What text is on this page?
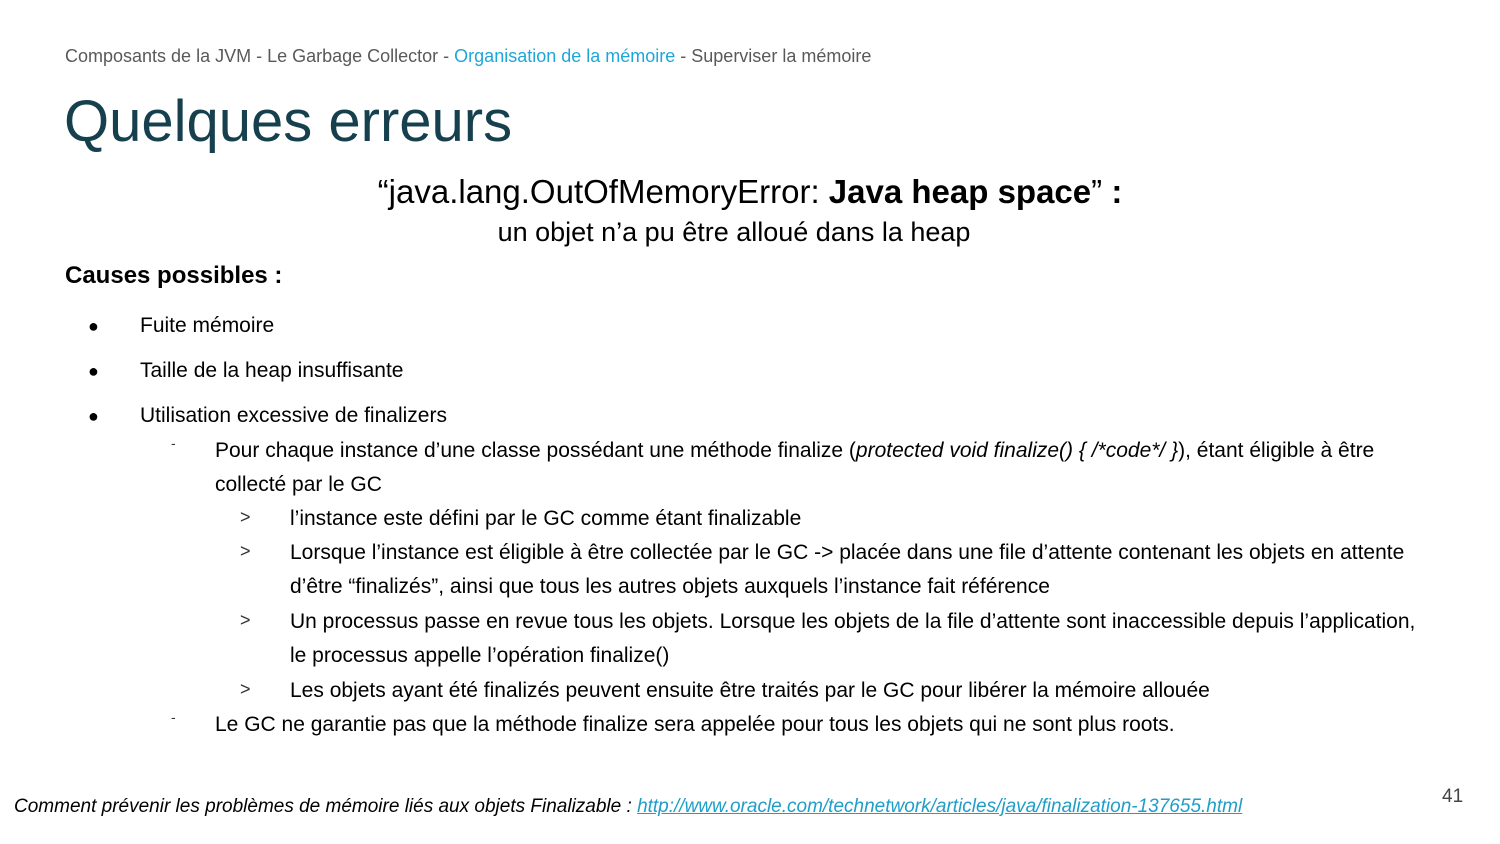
Composants de la JVM - Le Garbage Collector - Organisation de la mémoire - Superviser la mémoire
Quelques erreurs
“java.lang.OutOfMemoryError: Java heap space” :
un objet n’a pu être alloué dans la heap
Causes possibles :
● Fuite mémoire
● Taille de la heap insuffisante
● Utilisation excessive de finalizers
- Pour chaque instance d’une classe possédant une méthode finalize (protected void finalize() { /*code*/ }), étant éligible à être collecté par le GC
> l’instance este défini par le GC comme étant finalizable
> Lorsque l’instance est éligible à être collectée par le GC -> placée dans une file d’attente contenant les objets en attente d’être “finalizés”, ainsi que tous les autres objets auxquels l’instance fait référence
> Un processus passe en revue tous les objets. Lorsque les objets de la file d’attente sont inaccessible depuis l’application, le processus appelle l’opération finalize()
> Les objets ayant été finalizés peuvent ensuite être traités par le GC pour libérer la mémoire allouée
- Le GC ne garantie pas que la méthode finalize sera appelée pour tous les objets qui ne sont plus roots.
Comment prévenir les problèmes de mémoire liés aux objets Finalizable : http://www.oracle.com/technetwork/articles/java/finalization-137655.html	41
